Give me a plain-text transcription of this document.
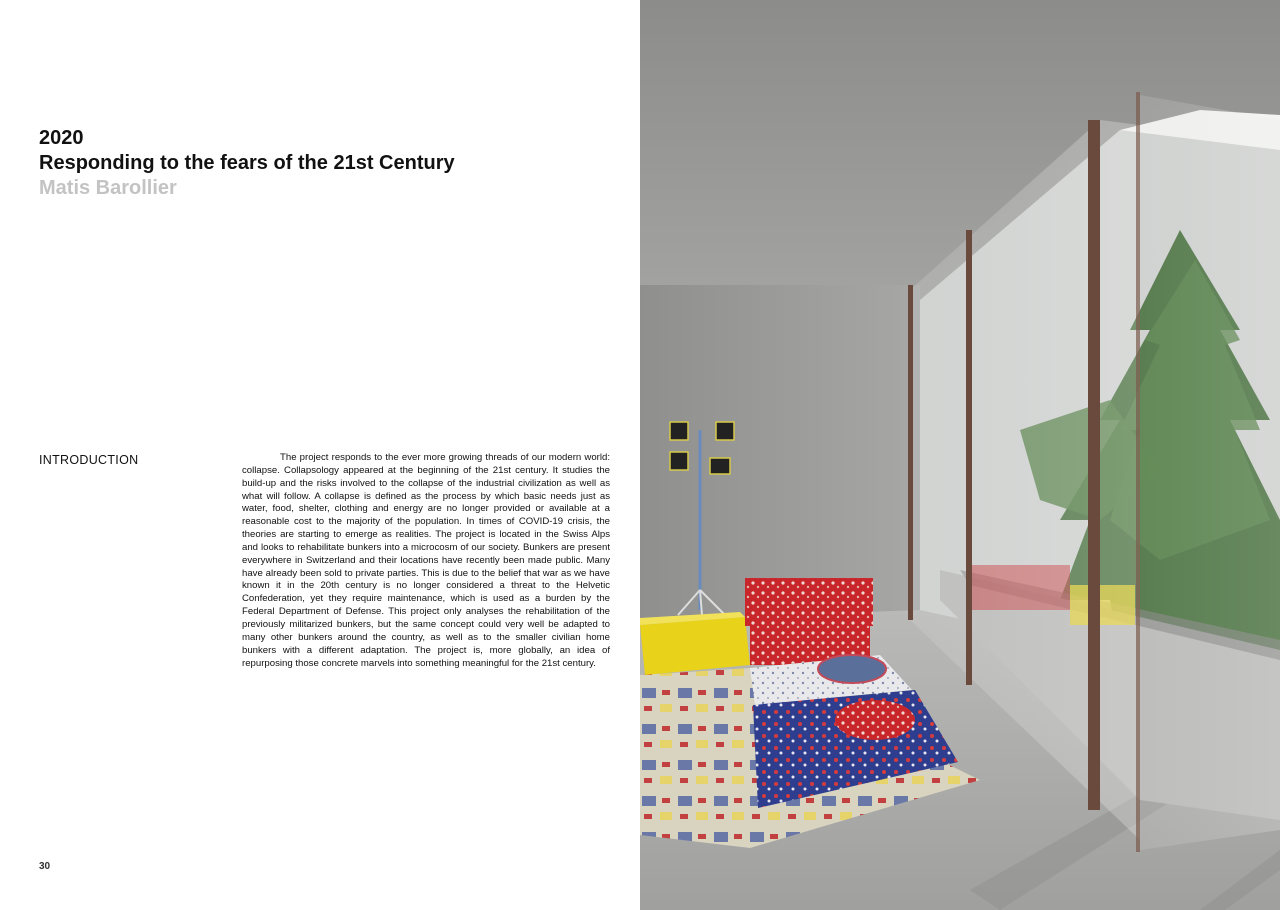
2020

Responding to the fears of the 21st Century

Matis Barollier

INTRODUCTION	The project responds to the ever more growing threads of our modern world: collapse. Collapsology appeared at the beginning of the 21st century. It studies the build-up and the risks involved to the collapse of the industrial civilization as well as what will follow. A collapse is defined as the process by which basic needs just as water, food, shelter, clothing and energy are no longer provided or available at a reasonable cost to the majority of the population. In times of COVID-19 crisis, the theories are starting to emerge as realities. The project is located in the Swiss Alps and looks to rehabilitate bunkers into a microcosm of our society. Bunkers are present everywhere in Switzerland and their locations have recently been made public. Many have already been sold to private parties. This is due to the belief that war as we have known it in the 20th century is no longer considered a threat to the Helvetic Confederation, yet they require maintenance, which is used as a burden by the Federal Department of Defense. This project only analyses the rehabilitation of the previously militarized bunkers, but the same concept could very well be adapted to many other bunkers around the country, as well as to the smaller civilian home bunkers with a different adaptation. The project is, more globally, an idea of repurposing those concrete marvels into something meaningful for the 21st century.

30
